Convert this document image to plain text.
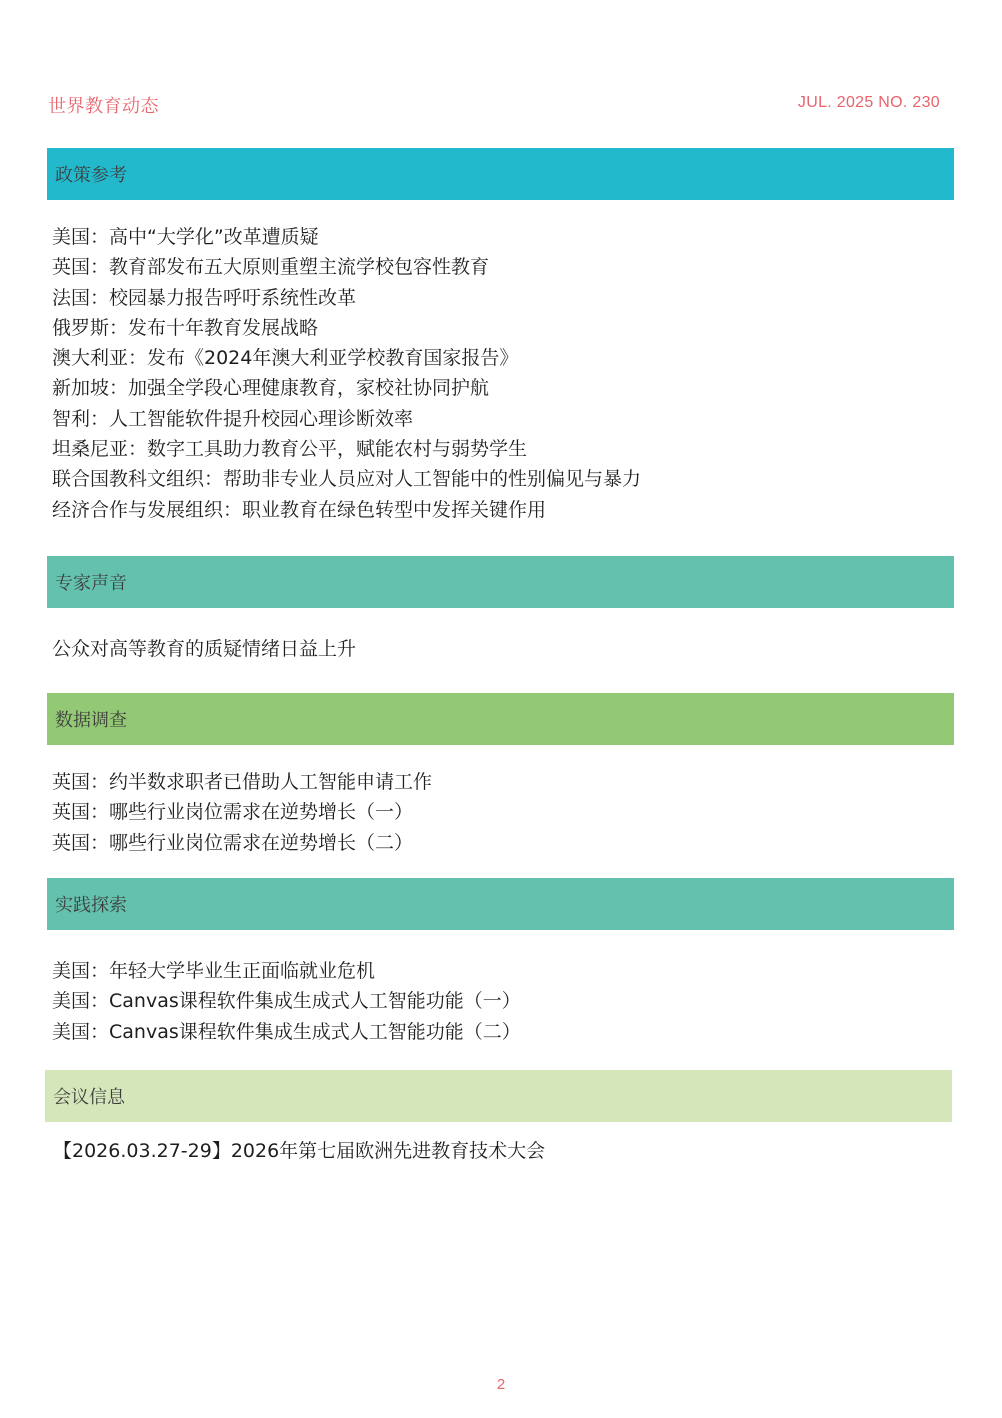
世界教育动态	JUL. 2025 NO. 230
政策参考
美国：高中“大学化”改革遭质疑
英国：教育部发布五大原则重塑主流学校包容性教育
法国：校园暴力报告呼吁系统性改革
俄罗斯：发布十年教育发展战略
澳大利亚：发布《2024年澳大利亚学校教育国家报告》
新加坡：加强全学段心理健康教育，家校社协同护航
智利：人工智能软件提升校园心理诊断效率
坦桑尼亚：数字工具助力教育公平，赋能农村与弱势学生
联合国教科文组织：帮助非专业人员应对人工智能中的性别偏见与暴力
经济合作与发展组织：职业教育在绿色转型中发挥关键作用
专家声音
公众对高等教育的质疑情绪日益上升
数据调查
英国：约半数求职者已借助人工智能申请工作
英国：哪些行业岗位需求在逆势增长（一）
英国：哪些行业岗位需求在逆势增长（二）
实践探索
美国：年轻大学毕业生正面临就业危机
美国：Canvas课程软件集成生成式人工智能功能（一）
美国：Canvas课程软件集成生成式人工智能功能（二）
会议信息
【2026.03.27-29】2026年第七届欧洲先进教育技术大会
2
